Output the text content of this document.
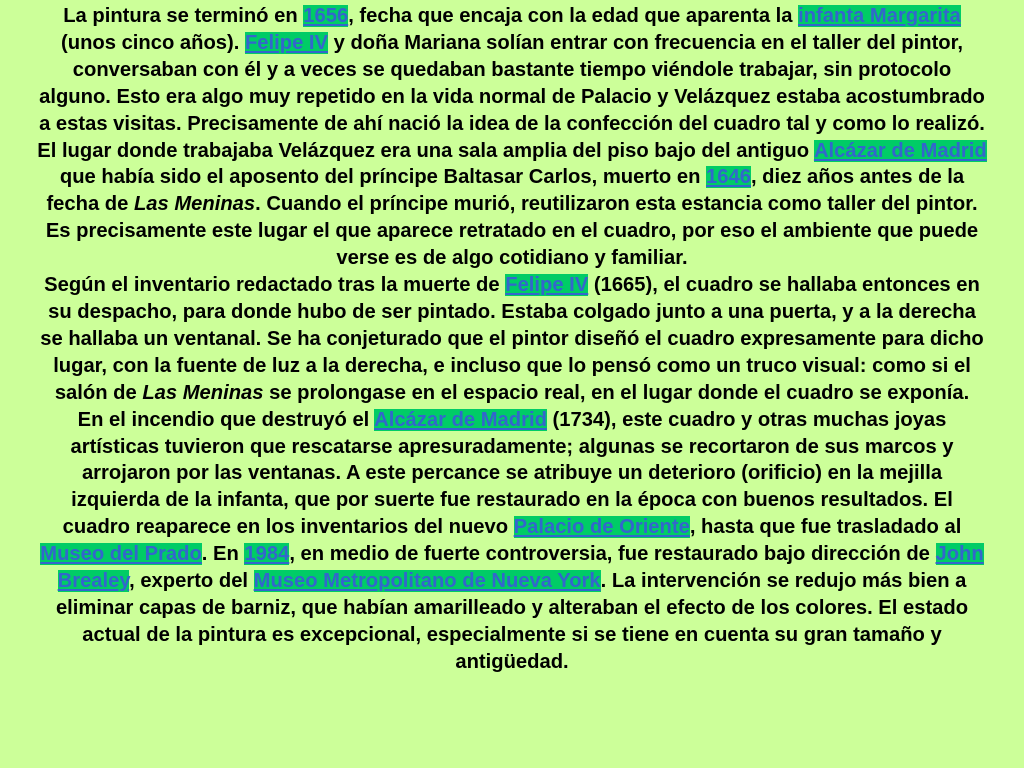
La pintura se terminó en 1656, fecha que encaja con la edad que aparenta la infanta Margarita (unos cinco años). Felipe IV y doña Mariana solían entrar con frecuencia en el taller del pintor, conversaban con él y a veces se quedaban bastante tiempo viéndole trabajar, sin protocolo alguno. Esto era algo muy repetido en la vida normal de Palacio y Velázquez estaba acostumbrado a estas visitas. Precisamente de ahí nació la idea de la confección del cuadro tal y como lo realizó. El lugar donde trabajaba Velázquez era una sala amplia del piso bajo del antiguo Alcázar de Madrid que había sido el aposento del príncipe Baltasar Carlos, muerto en 1646, diez años antes de la fecha de Las Meninas. Cuando el príncipe murió, reutilizaron esta estancia como taller del pintor. Es precisamente este lugar el que aparece retratado en el cuadro, por eso el ambiente que puede verse es de algo cotidiano y familiar.

Según el inventario redactado tras la muerte de Felipe IV (1665), el cuadro se hallaba entonces en su despacho, para donde hubo de ser pintado. Estaba colgado junto a una puerta, y a la derecha se hallaba un ventanal. Se ha conjeturado que el pintor diseñó el cuadro expresamente para dicho lugar, con la fuente de luz a la derecha, e incluso que lo pensó como un truco visual: como si el salón de Las Meninas se prolongase en el espacio real, en el lugar donde el cuadro se exponía.

En el incendio que destruyó el Alcázar de Madrid (1734), este cuadro y otras muchas joyas artísticas tuvieron que rescatarse apresuradamente; algunas se recortaron de sus marcos y arrojaron por las ventanas. A este percance se atribuye un deterioro (orificio) en la mejilla izquierda de la infanta, que por suerte fue restaurado en la época con buenos resultados. El cuadro reaparece en los inventarios del nuevo Palacio de Oriente, hasta que fue trasladado al Museo del Prado. En 1984, en medio de fuerte controversia, fue restaurado bajo dirección de John Brealey, experto del Museo Metropolitano de Nueva York. La intervención se redujo más bien a eliminar capas de barniz, que habían amarilleado y alteraban el efecto de los colores. El estado actual de la pintura es excepcional, especialmente si se tiene en cuenta su gran tamaño y antigüedad.
